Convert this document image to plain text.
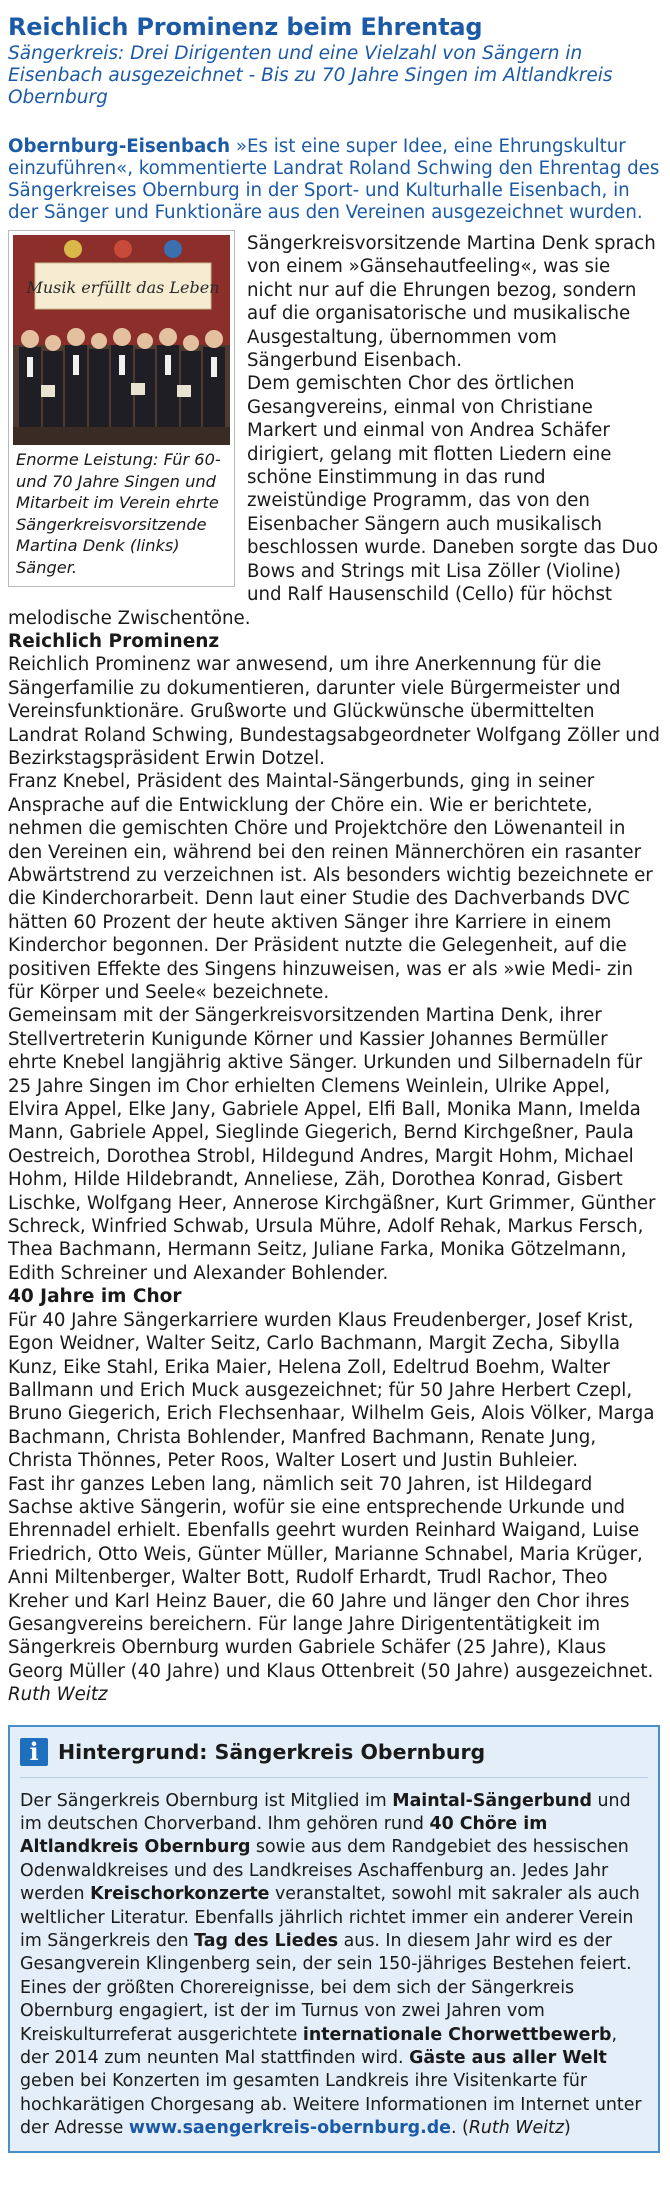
Reichlich Prominenz beim Ehrentag

Sängerkreis: Drei Dirigenten und eine Vielzahl von Sängern in Eisenbach ausgezeichnet - Bis zu 70 Jahre Singen im Altlandkreis Obernburg

Obernburg-Eisenbach »Es ist eine super Idee, eine Ehrungskultur einzuführen«, kommentierte Landrat Roland Schwing den Ehrentag des Sängerkreises Obernburg in der Sport- und Kulturhalle Eisenbach, in der Sänger und Funktionäre aus den Vereinen ausgezeichnet wurden.

Musik erfüllt das Leben
Enorme Leistung: Für 60- und 70 Jahre Singen und Mitarbeit im Verein ehrte Sängerkreisvorsitzende Martina Denk (links) Sänger.

Sängerkreisvorsitzende Martina Denk sprach von einem »Gänsehautfeeling«, was sie nicht nur auf die Ehrungen bezog, sondern auf die organisatorische und musikalische Ausgestaltung, übernommen vom Sängerbund Eisenbach.

Dem gemischten Chor des örtlichen Gesangvereins, einmal von Christiane Markert und einmal von Andrea Schäfer dirigiert, gelang mit flotten Liedern eine schöne Einstimmung in das rund zweistündige Programm, das von den Eisenbacher Sängern auch musikalisch beschlossen wurde. Daneben sorgte das Duo Bows and Strings mit Lisa Zöller (Violine) und Ralf Hausenschild (Cello) für höchst melodische Zwischentöne.

Reichlich Prominenz

Reichlich Prominenz war anwesend, um ihre Anerkennung für die Sängerfamilie zu dokumentieren, darunter viele Bürgermeister und Vereinsfunktionäre. Grußworte und Glückwünsche übermittelten Landrat Roland Schwing, Bundestagsabgeordneter Wolfgang Zöller und Bezirkstagspräsident Erwin Dotzel.

Franz Knebel, Präsident des Maintal-Sängerbunds, ging in seiner Ansprache auf die Entwicklung der Chöre ein. Wie er berichtete, nehmen die gemischten Chöre und Projektchöre den Löwenanteil in den Vereinen ein, während bei den reinen Männerchören ein rasanter Abwärtstrend zu verzeichnen ist. Als besonders wichtig bezeichnete er die Kinderchorarbeit. Denn laut einer Studie des Dachverbands DVC hätten 60 Prozent der heute aktiven Sänger ihre Karriere in einem Kinderchor begonnen. Der Präsident nutzte die Gelegenheit, auf die positiven Effekte des Singens hinzuweisen, was er als »wie Medi- zin für Körper und Seele« bezeichnete.

Gemeinsam mit der Sängerkreisvorsitzenden Martina Denk, ihrer Stellvertreterin Kunigunde Körner und Kassier Johannes Bermüller ehrte Knebel langjährig aktive Sänger. Urkunden und Silbernadeln für 25 Jahre Singen im Chor erhielten Clemens Weinlein, Ulrike Appel, Elvira Appel, Elke Jany, Gabriele Appel, Elfi Ball, Monika Mann, Imelda Mann, Gabriele Appel, Sieglinde Giegerich, Bernd Kirchgeßner, Paula Oestreich, Dorothea Strobl, Hildegund Andres, Margit Hohm, Michael Hohm, Hilde Hildebrandt, Anneliese, Zäh, Dorothea Konrad, Gisbert Lischke, Wolfgang Heer, Annerose Kirchgäßner, Kurt Grimmer, Günther Schreck, Winfried Schwab, Ursula Mühre, Adolf Rehak, Markus Fersch, Thea Bachmann, Hermann Seitz, Juliane Farka, Monika Götzelmann, Edith Schreiner und Alexander Bohlender.

40 Jahre im Chor

Für 40 Jahre Sängerkarriere wurden Klaus Freudenberger, Josef Krist, Egon Weidner, Walter Seitz, Carlo Bachmann, Margit Zecha, Sibylla Kunz, Eike Stahl, Erika Maier, Helena Zoll, Edeltrud Boehm, Walter Ballmann und Erich Muck ausgezeichnet; für 50 Jahre Herbert Czepl, Bruno Giegerich, Erich Flechsenhaar, Wilhelm Geis, Alois Völker, Marga Bachmann, Christa Bohlender, Manfred Bachmann, Renate Jung, Christa Thönnes, Peter Roos, Walter Losert und Justin Buhleier.

Fast ihr ganzes Leben lang, nämlich seit 70 Jahren, ist Hildegard Sachse aktive Sängerin, wofür sie eine entsprechende Urkunde und Ehrennadel erhielt. Ebenfalls geehrt wurden Reinhard Waigand, Luise Friedrich, Otto Weis, Günter Müller, Marianne Schnabel, Maria Krüger, Anni Miltenberger, Walter Bott, Rudolf Erhardt, Trudl Rachor, Theo Kreher und Karl Heinz Bauer, die 60 Jahre und länger den Chor ihres Gesangvereins bereichern. Für lange Jahre Dirigententätigkeit im Sängerkreis Obernburg wurden Gabriele Schäfer (25 Jahre), Klaus Georg Müller (40 Jahre) und Klaus Ottenbreit (50 Jahre) ausgezeichnet.

Ruth Weitz

i Hintergrund: Sängerkreis Obernburg
Der Sängerkreis Obernburg ist Mitglied im Maintal-Sängerbund und im deutschen Chorverband. Ihm gehören rund 40 Chöre im Altlandkreis Obernburg sowie aus dem Randgebiet des hessischen Odenwaldkreises und des Landkreises Aschaffenburg an. Jedes Jahr werden Kreischorkonzerte veranstaltet, sowohl mit sakraler als auch weltlicher Literatur. Ebenfalls jährlich richtet immer ein anderer Verein im Sängerkreis den Tag des Liedes aus. In diesem Jahr wird es der Gesangverein Klingenberg sein, der sein 150-jähriges Bestehen feiert. Eines der größten Chorereignisse, bei dem sich der Sängerkreis Obernburg engagiert, ist der im Turnus von zwei Jahren vom Kreiskulturreferat ausgerichtete internationale Chorwettbewerb, der 2014 zum neunten Mal stattfinden wird. Gäste aus aller Welt geben bei Konzerten im gesamten Landkreis ihre Visitenkarte für hochkarätigen Chorgesang ab. Weitere Informationen im Internet unter der Adresse www.saengerkreis-obernburg.de. (Ruth Weitz)
